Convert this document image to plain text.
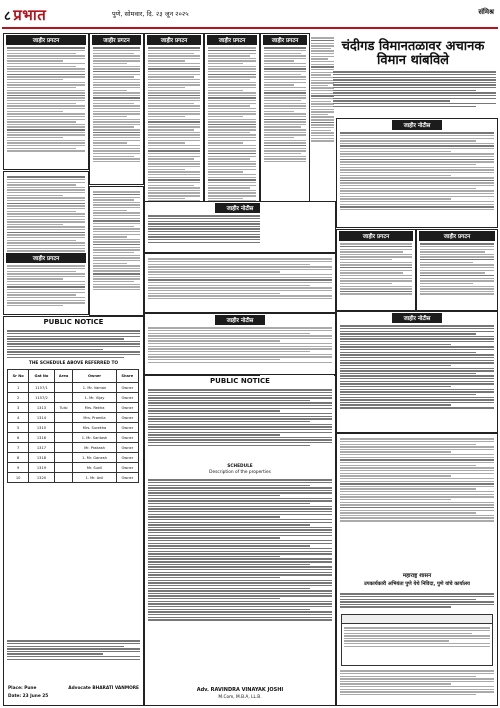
८ प्रभात	पुणे, सोमवार, दि. २३ जून २०२५	संमिश्र
जाहीर प्रगटन
जाहीर प्रगटन
जाहीर प्रगटन	जाहीर प्रगटन	जाहीर प्रगटन	जाहीर प्रगटन
जाहीर नोटीस
जाहीर नोटीस
PUBLIC NOTICE
THE SCHEDULE ABOVE REFERRED TO
Sr No	Gat No	Area	Owner	Share
1	1157/1		1. Mr. Vaman	Owner
2	1157/2		1. Mr. Vijay	Owner
3	1313	Tulsi	Mrs. Rekha	Owner
4	1314		Mrs. Pramila	Owner
5	1315		Mrs. Surekha	Owner
6	1316		1. Mr. Santosh	Owner
7	1317		Mr. Prakash	Owner
8	1318		1. Mr. Ganesh	Owner
9	1319		Mr. Sunil	Owner
10	1320		1. Mr. Anil	Owner
Place: Pune
Date: 23 June 25
Advocate BHARATI VANMORE
PUBLIC NOTICE
SCHEDULE
Description of the properties
Adv. RAVINDRA VINAYAK JOSHI
M.Com, M.B.A, LL.B.
चंदीगड विमानतळावर अचानक विमान थांबविले
जाहीर नोटीस
जाहीर प्रगटन	जाहीर प्रगटन
जाहीर नोटीस
महाराष्ट्र शासन
उपकार्यकारी अभियंता पुणे येथे निविदा, पुणे यांचे कार्यालय
